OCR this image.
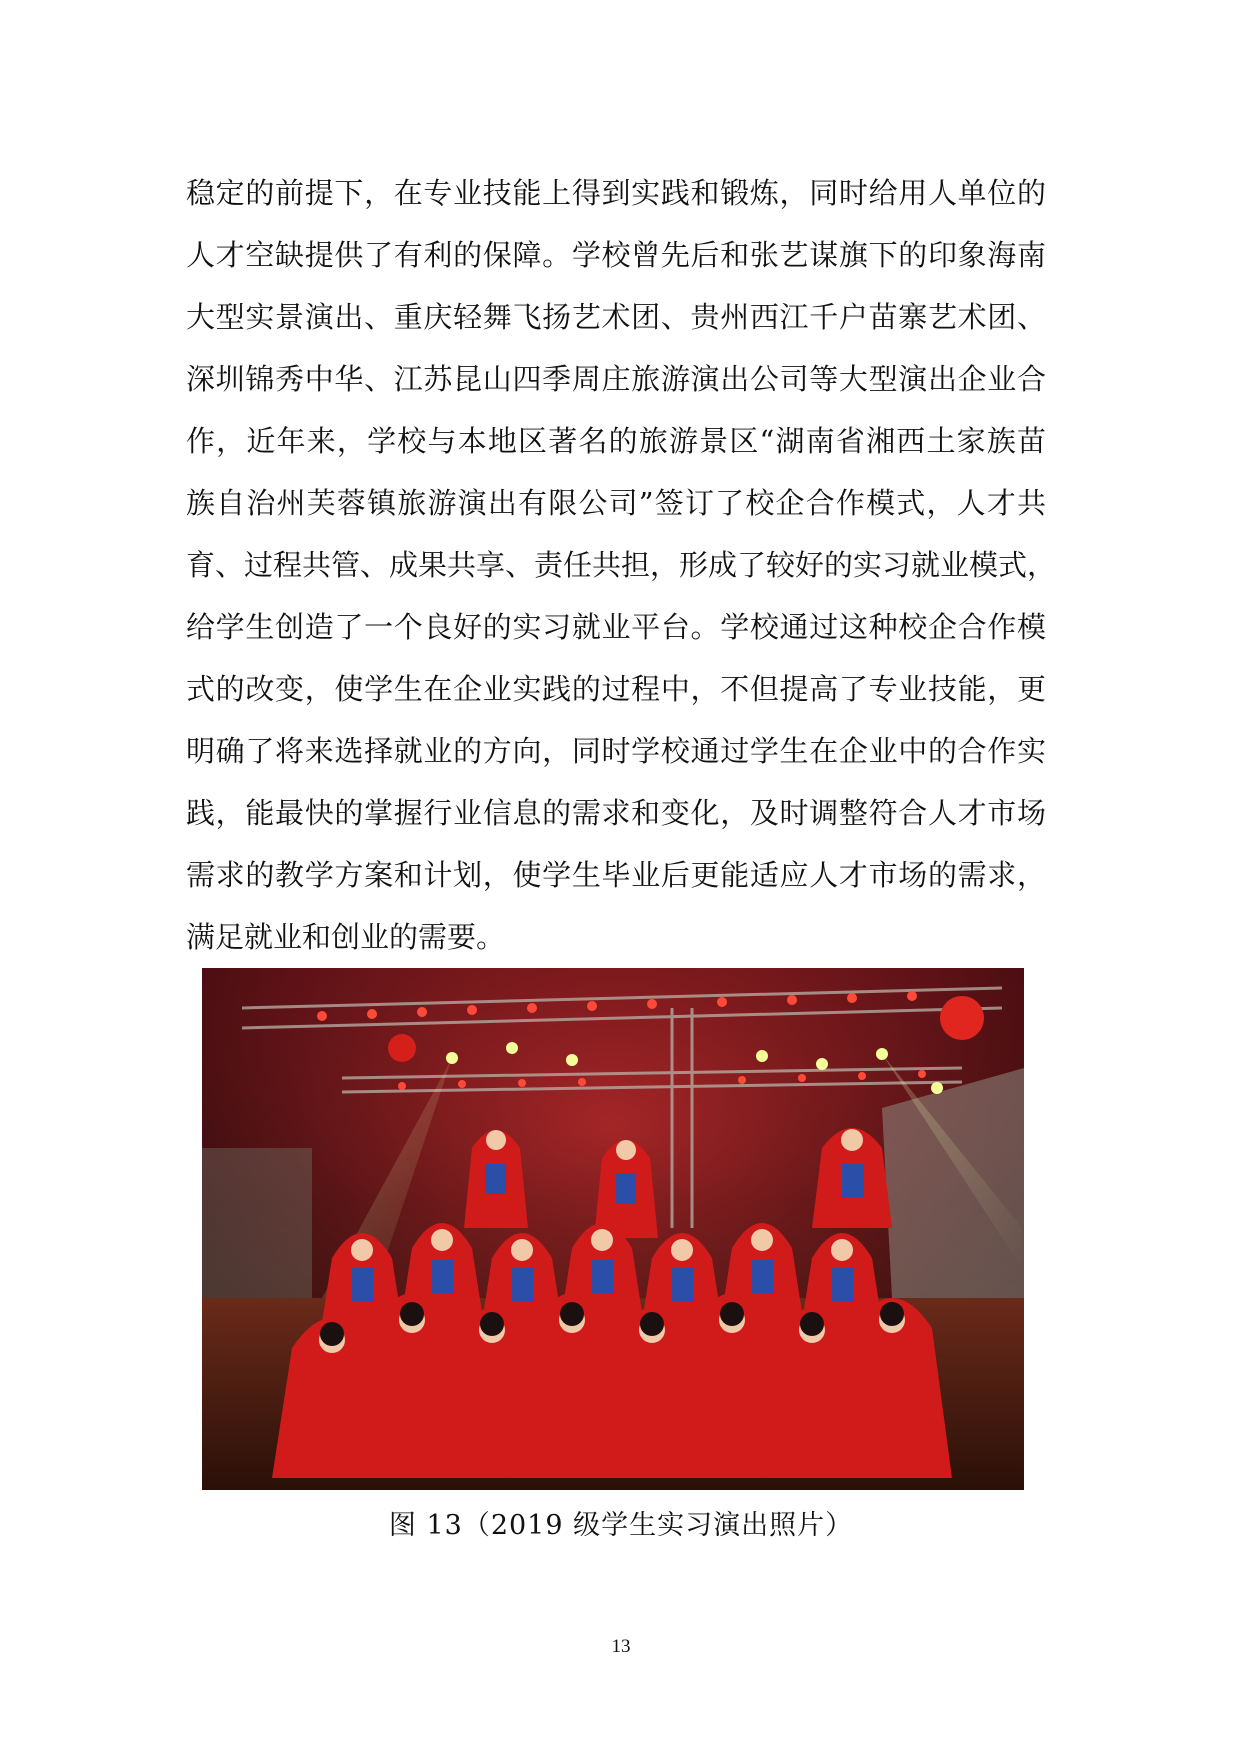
稳定的前提下，在专业技能上得到实践和锻炼，同时给用人单位的
人才空缺提供了有利的保障。学校曾先后和张艺谋旗下的印象海南
大型实景演出、重庆轻舞飞扬艺术团、贵州西江千户苗寨艺术团、
深圳锦秀中华、江苏昆山四季周庄旅游演出公司等大型演出企业合
作，近年来，学校与本地区著名的旅游景区“湖南省湘西土家族苗
族自治州芙蓉镇旅游演出有限公司”签订了校企合作模式，人才共
育、过程共管、成果共享、责任共担，形成了较好的实习就业模式，
给学生创造了一个良好的实习就业平台。学校通过这种校企合作模
式的改变，使学生在企业实践的过程中，不但提高了专业技能，更
明确了将来选择就业的方向，同时学校通过学生在企业中的合作实
践，能最快的掌握行业信息的需求和变化，及时调整符合人才市场
需求的教学方案和计划，使学生毕业后更能适应人才市场的需求，
满足就业和创业的需要。
图 13（2019 级学生实习演出照片）
13
